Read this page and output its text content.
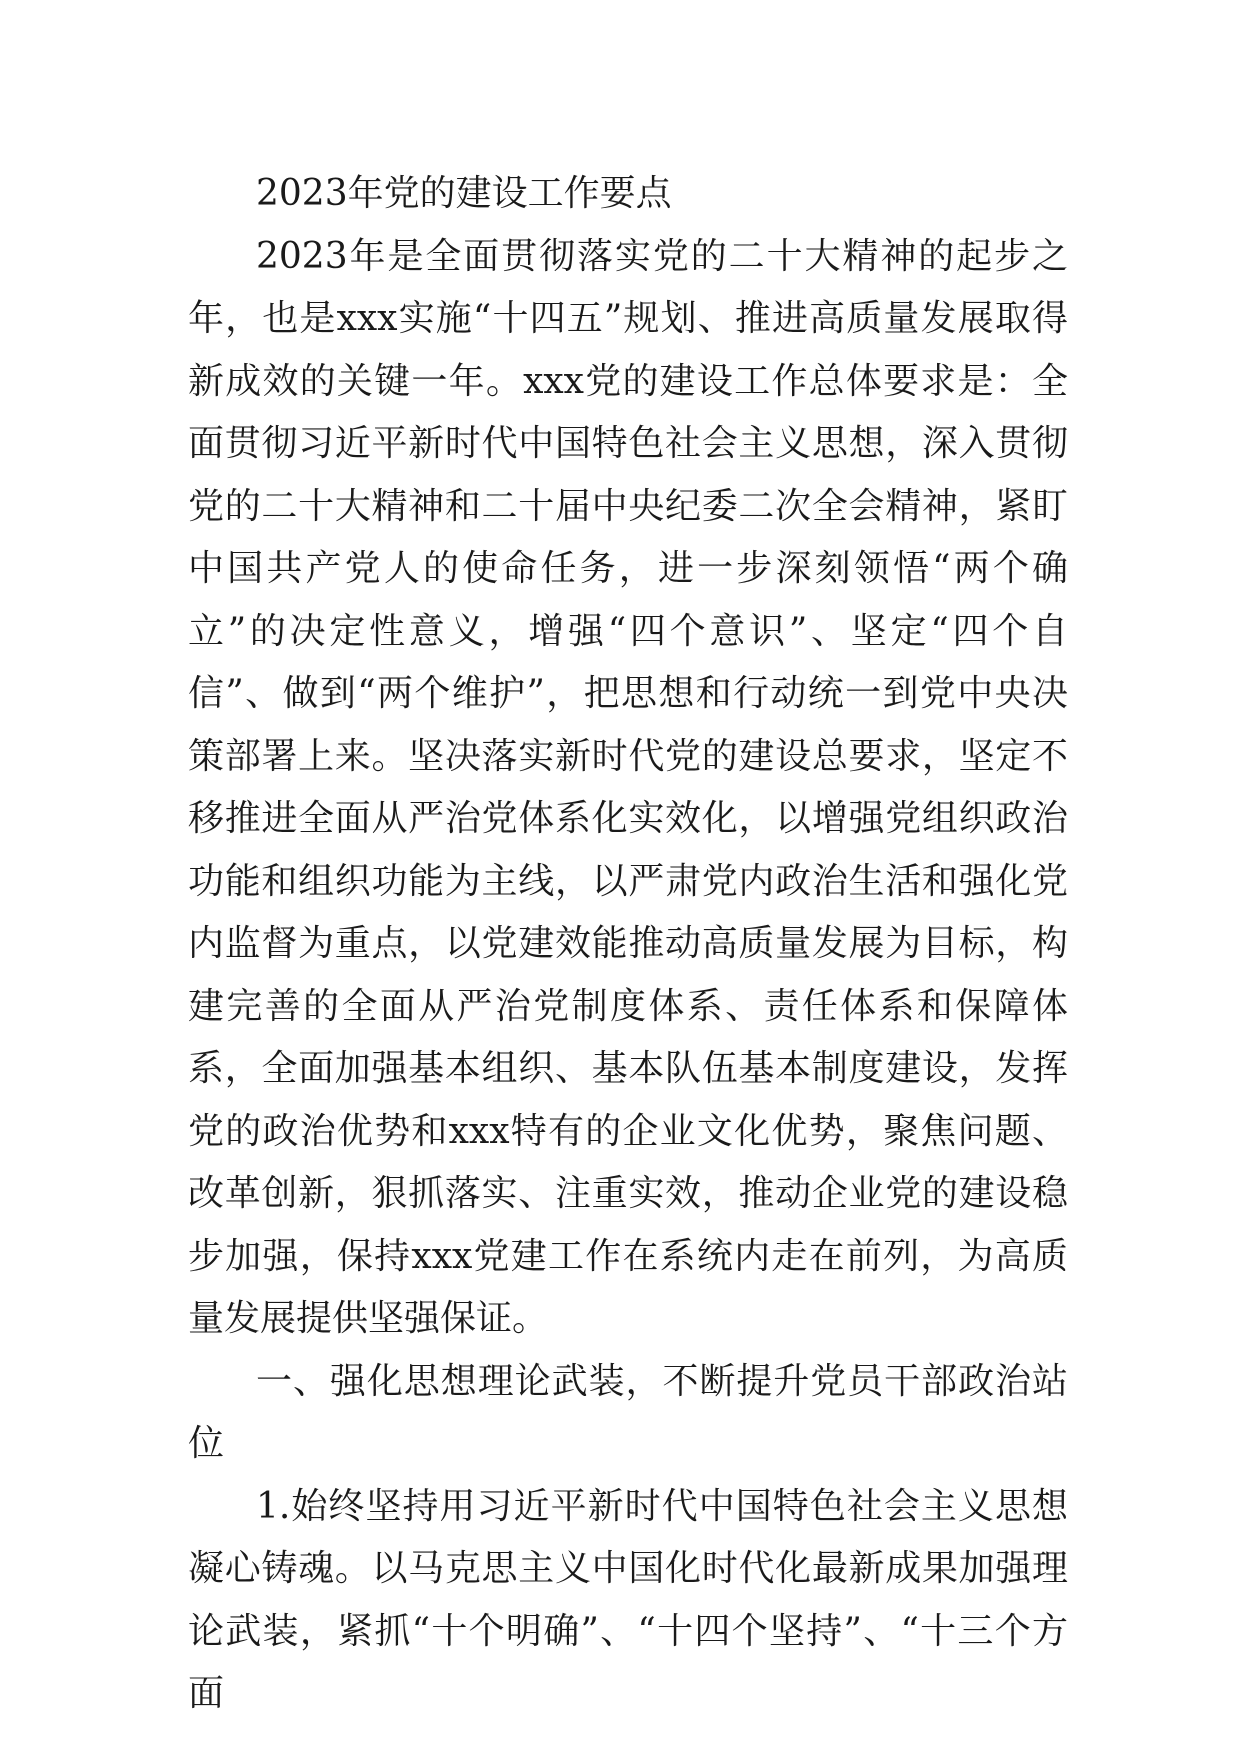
2023年党的建设工作要点

2023年是全面贯彻落实党的二十大精神的起步之年，也是xxx实施“十四五”规划、推进高质量发展取得新成效的关键一年。xxx党的建设工作总体要求是：全面贯彻习近平新时代中国特色社会主义思想，深入贯彻党的二十大精神和二十届中央纪委二次全会精神，紧盯中国共产党人的使命任务，进一步深刻领悟“两个确立”的决定性意义，增强“四个意识”、坚定“四个自信”、做到“两个维护”，把思想和行动统一到党中央决策部署上来。坚决落实新时代党的建设总要求，坚定不移推进全面从严治党体系化实效化，以增强党组织政治功能和组织功能为主线，以严肃党内政治生活和强化党内监督为重点，以党建效能推动高质量发展为目标，构建完善的全面从严治党制度体系、责任体系和保障体系，全面加强基本组织、基本队伍基本制度建设，发挥党的政治优势和xxx特有的企业文化优势，聚焦问题、改革创新，狠抓落实、注重实效，推动企业党的建设稳步加强，保持xxx党建工作在系统内走在前列，为高质量发展提供坚强保证。

一、强化思想理论武装，不断提升党员干部政治站位

1.始终坚持用习近平新时代中国特色社会主义思想凝心铸魂。以马克思主义中国化时代化最新成果加强理论武装，紧抓“十个明确”、“十四个坚持”、“十三个方面
